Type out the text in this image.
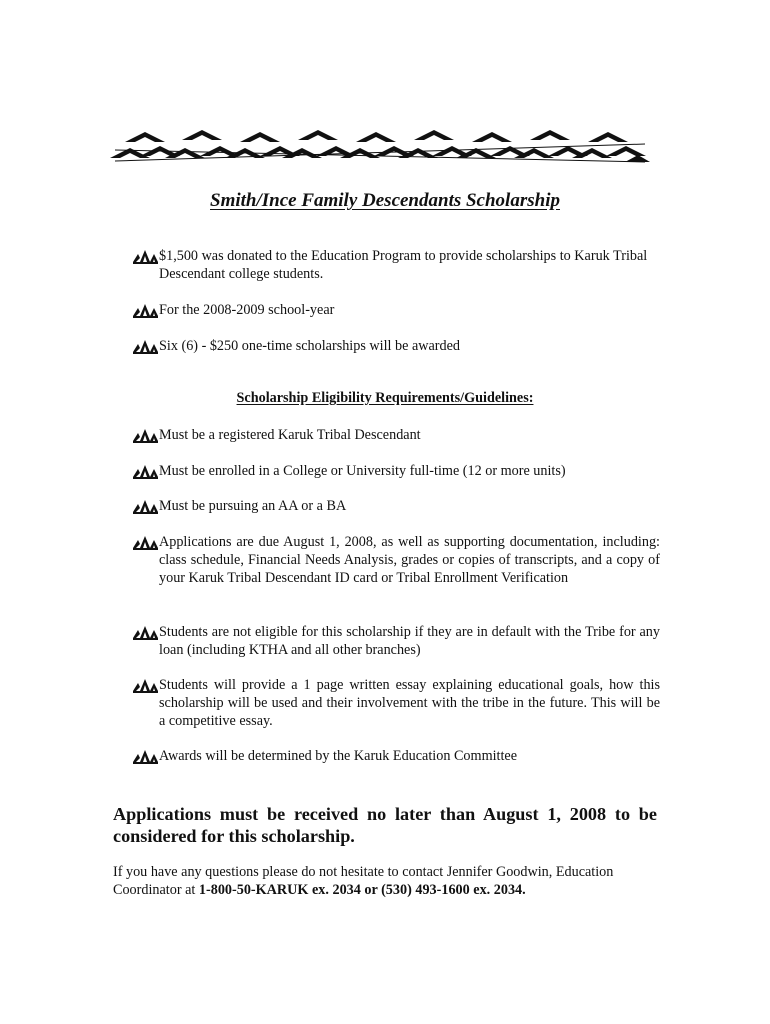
Smith/Ince Family Descendants Scholarship
$1,500 was donated to the Education Program to provide scholarships to Karuk Tribal Descendant college students.
For the 2008-2009 school-year
Six (6) - $250 one-time scholarships will be awarded
Scholarship Eligibility Requirements/Guidelines:
Must be a registered Karuk Tribal Descendant
Must be enrolled in a College or University full-time (12 or more units)
Must be pursuing an AA or a BA
Applications are due August 1, 2008, as well as supporting documentation, including: class schedule, Financial Needs Analysis, grades or copies of transcripts, and a copy of your Karuk Tribal Descendant ID card or Tribal Enrollment Verification
Students are not eligible for this scholarship if they are in default with the Tribe for any loan (including KTHA and all other branches)
Students will provide a 1 page written essay explaining educational goals, how this scholarship will be used and their involvement with the tribe in the future. This will be a competitive essay.
Awards will be determined by the Karuk Education Committee
Applications must be received no later than August 1, 2008 to be considered for this scholarship.
If you have any questions please do not hesitate to contact Jennifer Goodwin, Education Coordinator at 1-800-50-KARUK ex. 2034 or (530) 493-1600 ex. 2034.
